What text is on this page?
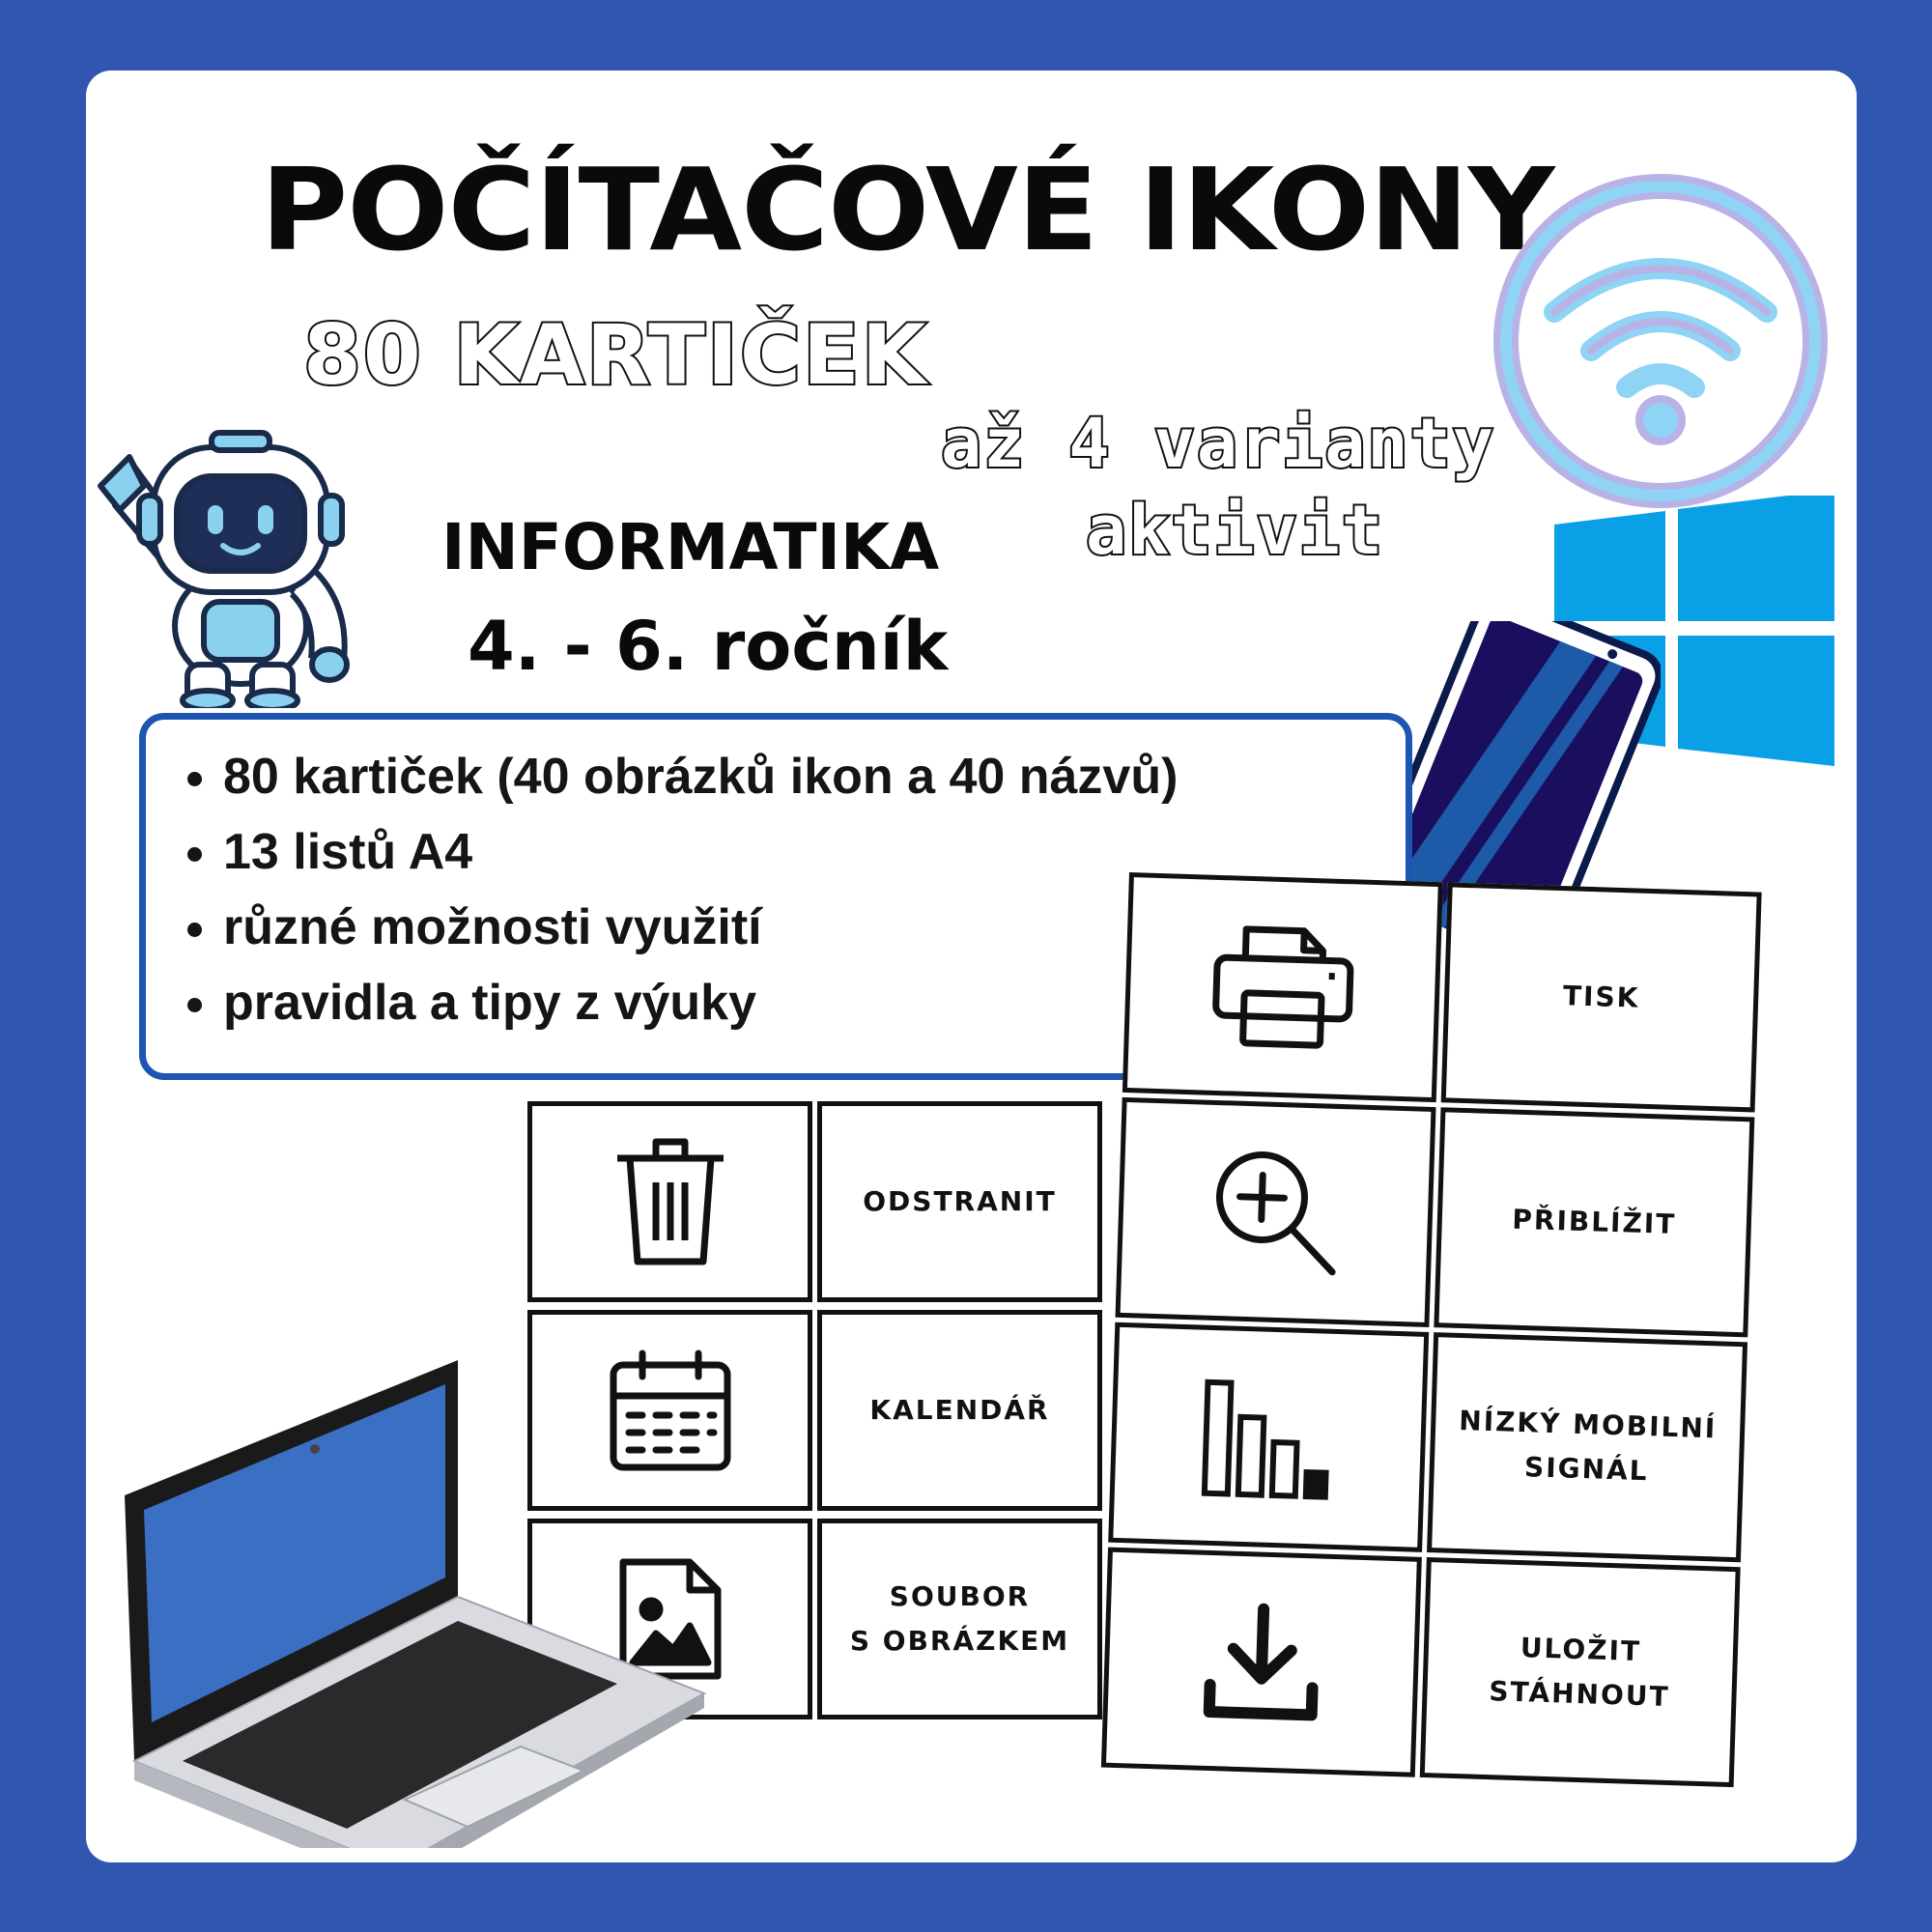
POČÍTAČOVÉ IKONY
80 KARTIČEK
až 4 varianty
aktivit
INFORMATIKA
4. - 6. ročník
• 80 kartiček (40 obrázků ikon a 40 názvů)
• 13 listů A4
• různé možnosti využití
• pravidla a tipy z výuky
ODSTRANIT
KALENDÁŘ
SOUBOR
S OBRÁZKEM
TISK
PŘIBLÍŽIT
NÍZKÝ MOBILNÍ
SIGNÁL
ULOŽIT
STÁHNOUT
